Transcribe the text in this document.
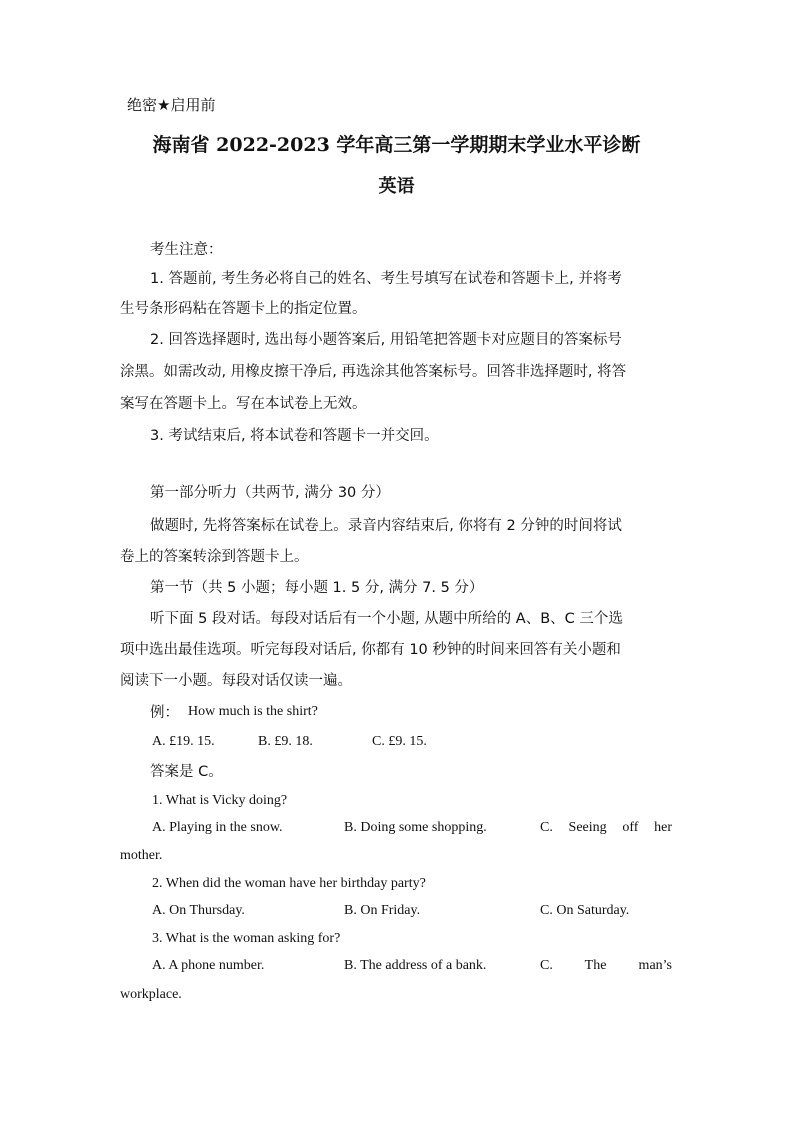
绝密★启用前
海南省 2022-2023 学年高三第一学期期末学业水平诊断
英语
考生注意：
1. 答题前, 考生务必将自己的姓名、考生号填写在试卷和答题卡上, 并将考
生号条形码粘在答题卡上的指定位置。
2. 回答选择题时, 选出每小题答案后, 用铅笔把答题卡对应题目的答案标号
涂黑。如需改动, 用橡皮擦干净后, 再选涂其他答案标号。回答非选择题时, 将答
案写在答题卡上。写在本试卷上无效。
3. 考试结束后, 将本试卷和答题卡一并交回。
第一部分听力（共两节, 满分 30 分）
做题时, 先将答案标在试卷上。录音内容结束后, 你将有 2 分钟的时间将试
卷上的答案转涂到答题卡上。
第一节（共 5 小题；每小题 1. 5 分, 满分 7. 5 分）
听下面 5 段对话。每段对话后有一个小题, 从题中所给的 A、B、C 三个选
项中选出最佳选项。听完每段对话后, 你都有 10 秒钟的时间来回答有关小题和
阅读下一小题。每段对话仅读一遍。
例： How much is the shirt?
A. £19. 15.	B. £9. 18.	C. £9. 15.
答案是 C。
1. What is Vicky doing?
A. Playing in the snow.	B. Doing some shopping.	C. Seeing off her
mother.
2. When did the woman have her birthday party?
A. On Thursday.	B. On Friday.	C. On Saturday.
3. What is the woman asking for?
A. A phone number.	B. The address of a bank.	C. The man’s
workplace.
